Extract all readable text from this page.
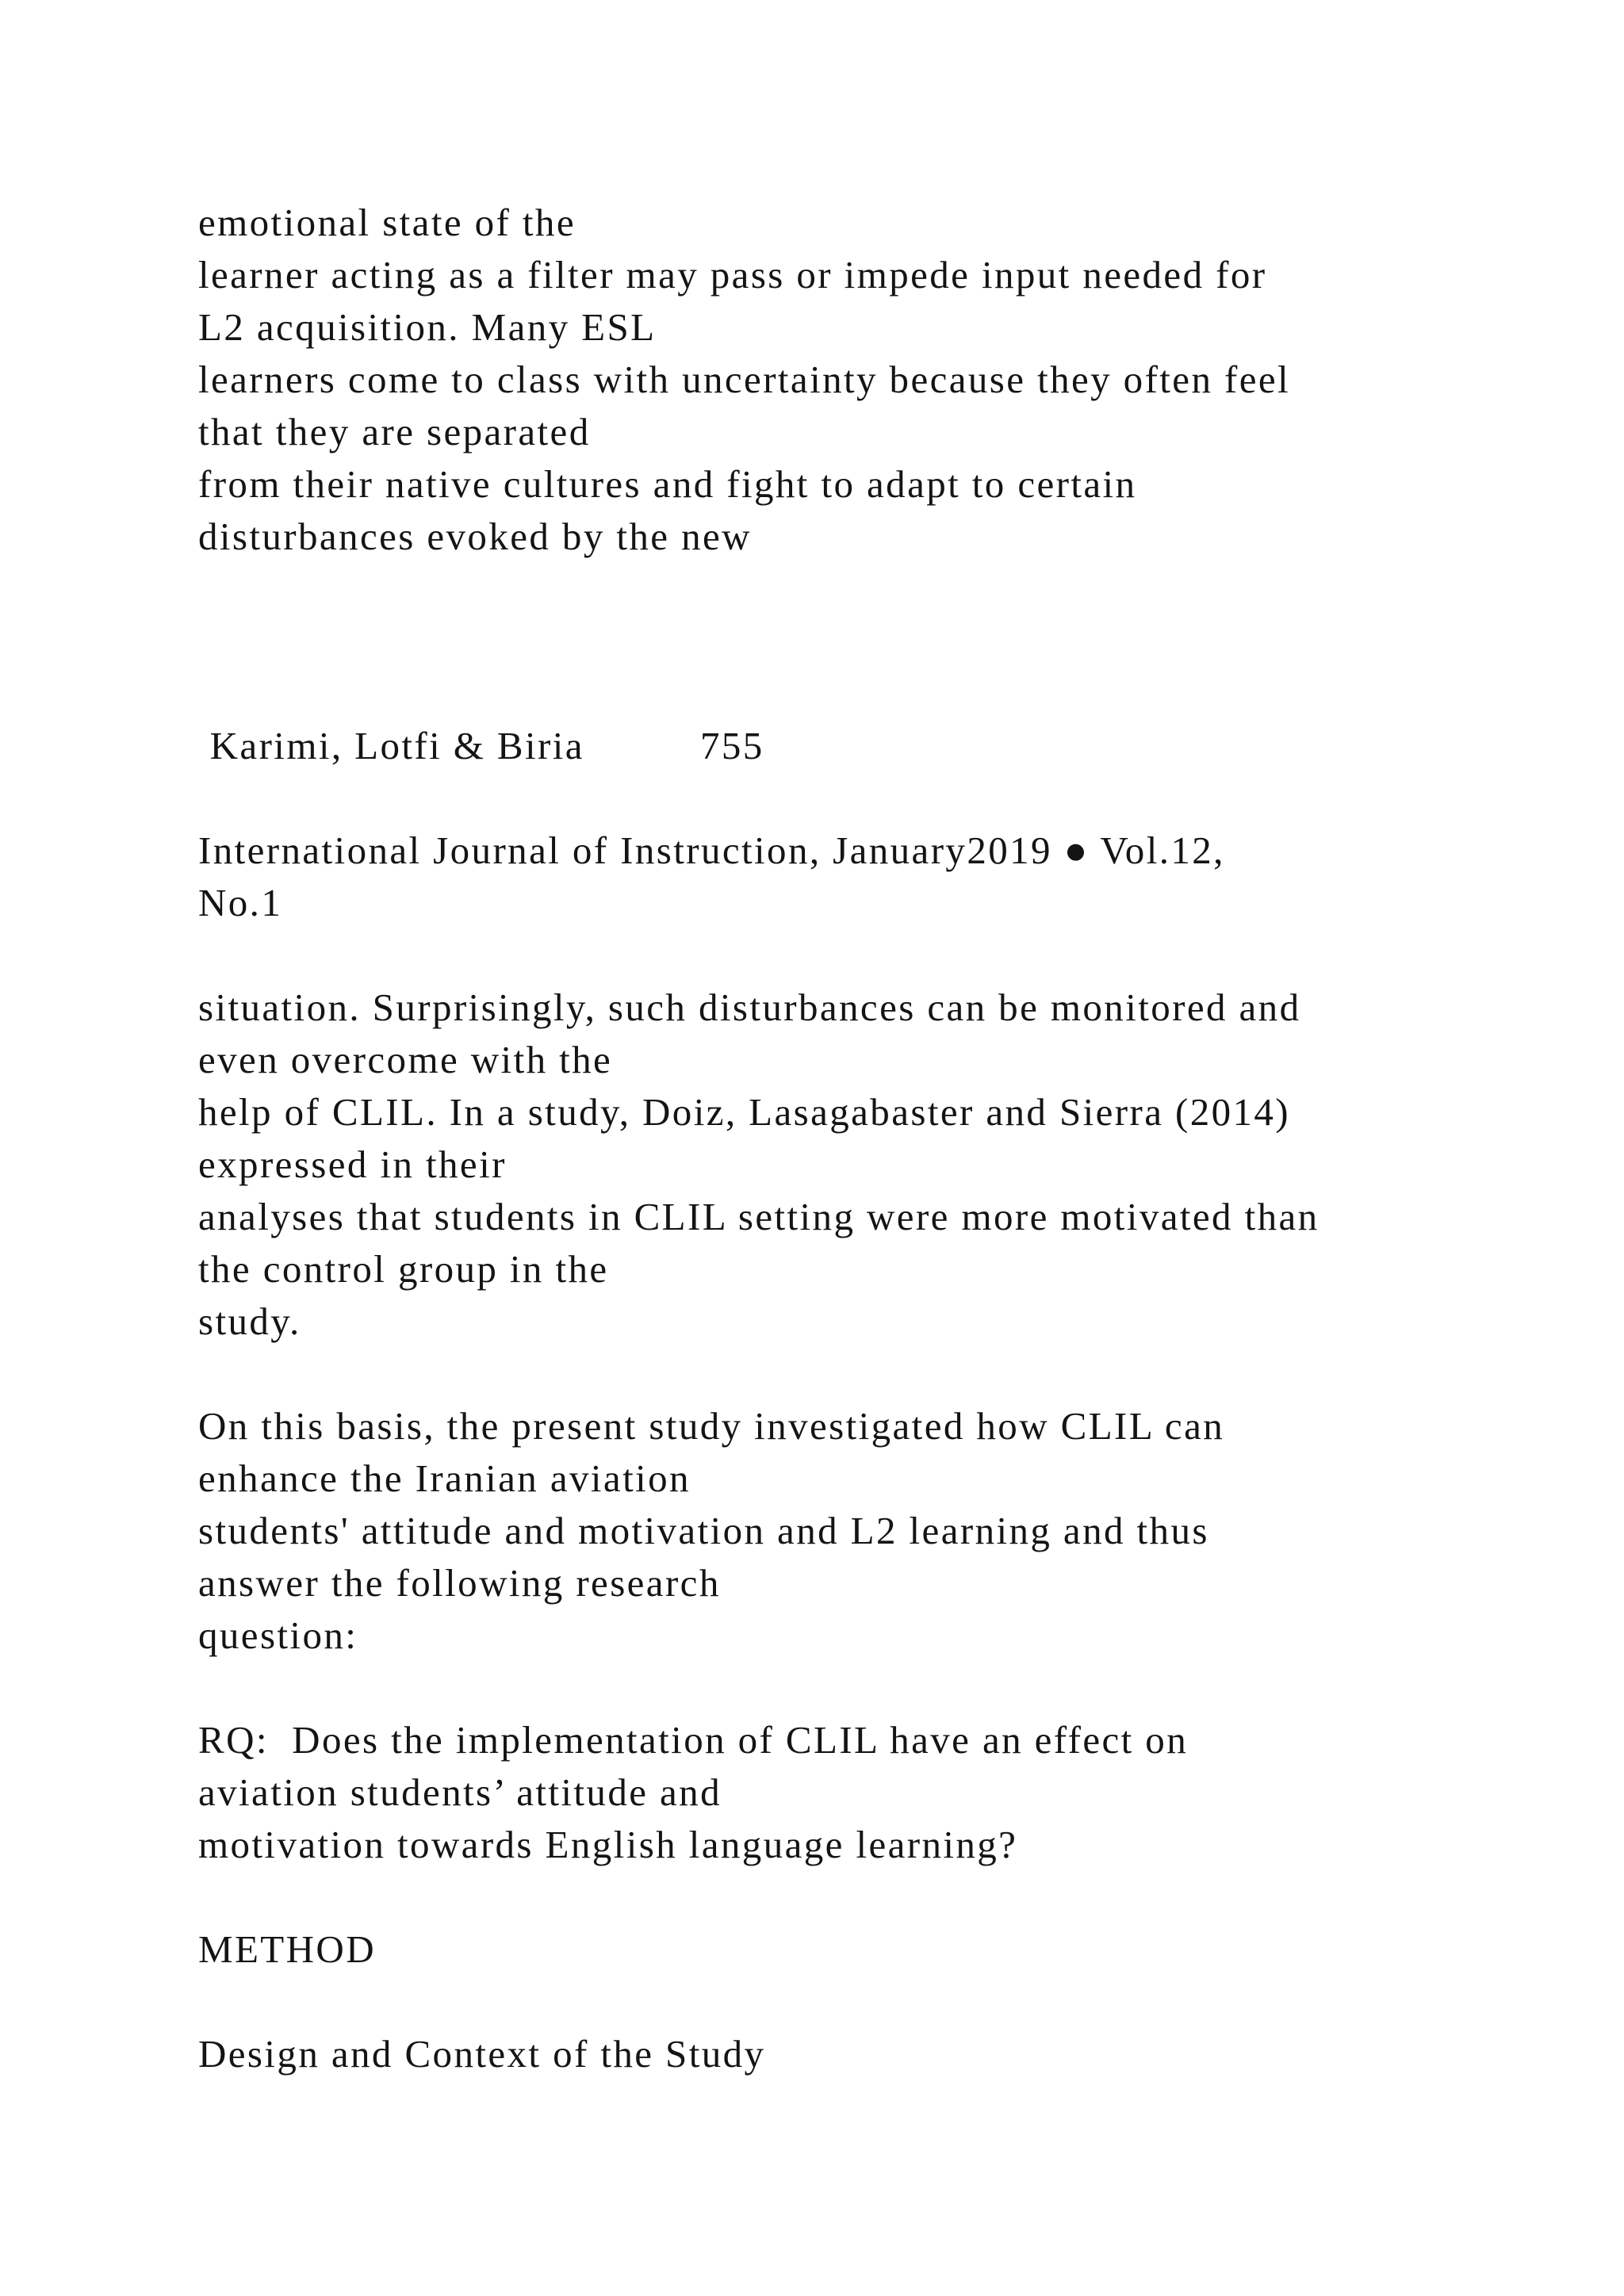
emotional state of the

learner acting as a filter may pass or impede input needed for

L2 acquisition. Many ESL

learners come to class with uncertainty because they often feel

that they are separated

from their native cultures and fight to adapt to certain

disturbances evoked by the new

Karimi, Lotfi & Biria	755

International Journal of Instruction, January2019 ● Vol.12,

No.1

situation. Surprisingly, such disturbances can be monitored and

even overcome with the

help of CLIL. In a study, Doiz, Lasagabaster and Sierra (2014)

expressed in their

analyses that students in CLIL setting were more motivated than

the control group in the

study.

On this basis, the present study investigated how CLIL can

enhance the Iranian aviation

students' attitude and motivation and L2 learning and thus

answer the following research

question:

RQ:  Does the implementation of CLIL have an effect on

aviation students’ attitude and

motivation towards English language learning?

METHOD

Design and Context of the Study
